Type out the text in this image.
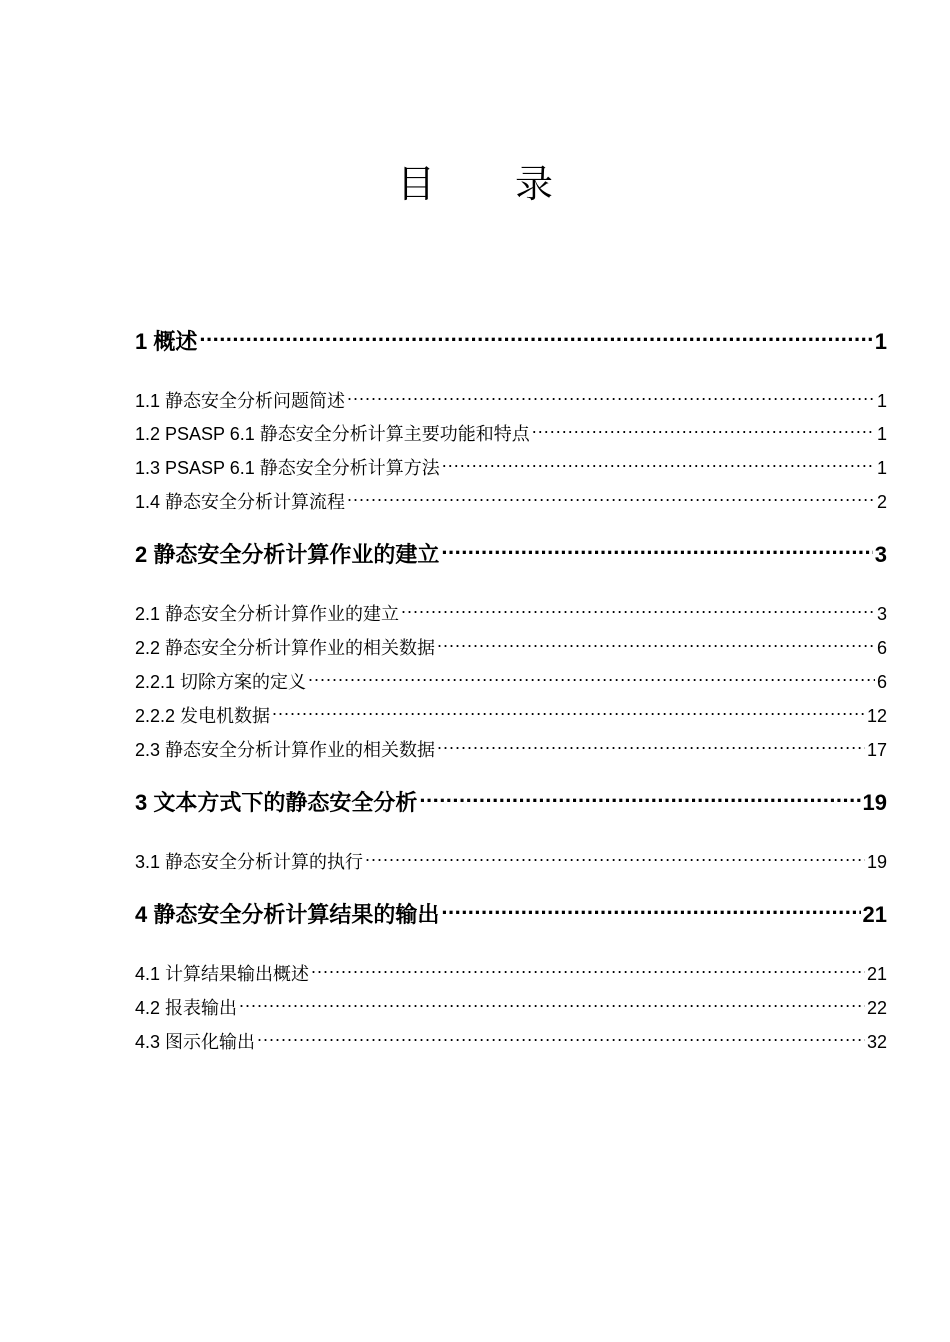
目 录
1 概述 .....	1
1.1 静态安全分析问题简述 .....	1
1.2 PSASP 6.1 静态安全分析计算主要功能和特点 .....	1
1.3 PSASP 6.1 静态安全分析计算方法 .....	1
1.4 静态安全分析计算流程 .....	2
2 静态安全分析计算作业的建立 .....	3
2.1 静态安全分析计算作业的建立 .....	3
2.2 静态安全分析计算作业的相关数据 .....	6
2.2.1 切除方案的定义 .....	6
2.2.2 发电机数据 .....	12
2.3 静态安全分析计算作业的相关数据 .....	17
3 文本方式下的静态安全分析 .....	19
3.1 静态安全分析计算的执行 .....	19
4 静态安全分析计算结果的输出 .....	21
4.1 计算结果输出概述 .....	21
4.2 报表输出 .....	22
4.3 图示化输出 .....	32
